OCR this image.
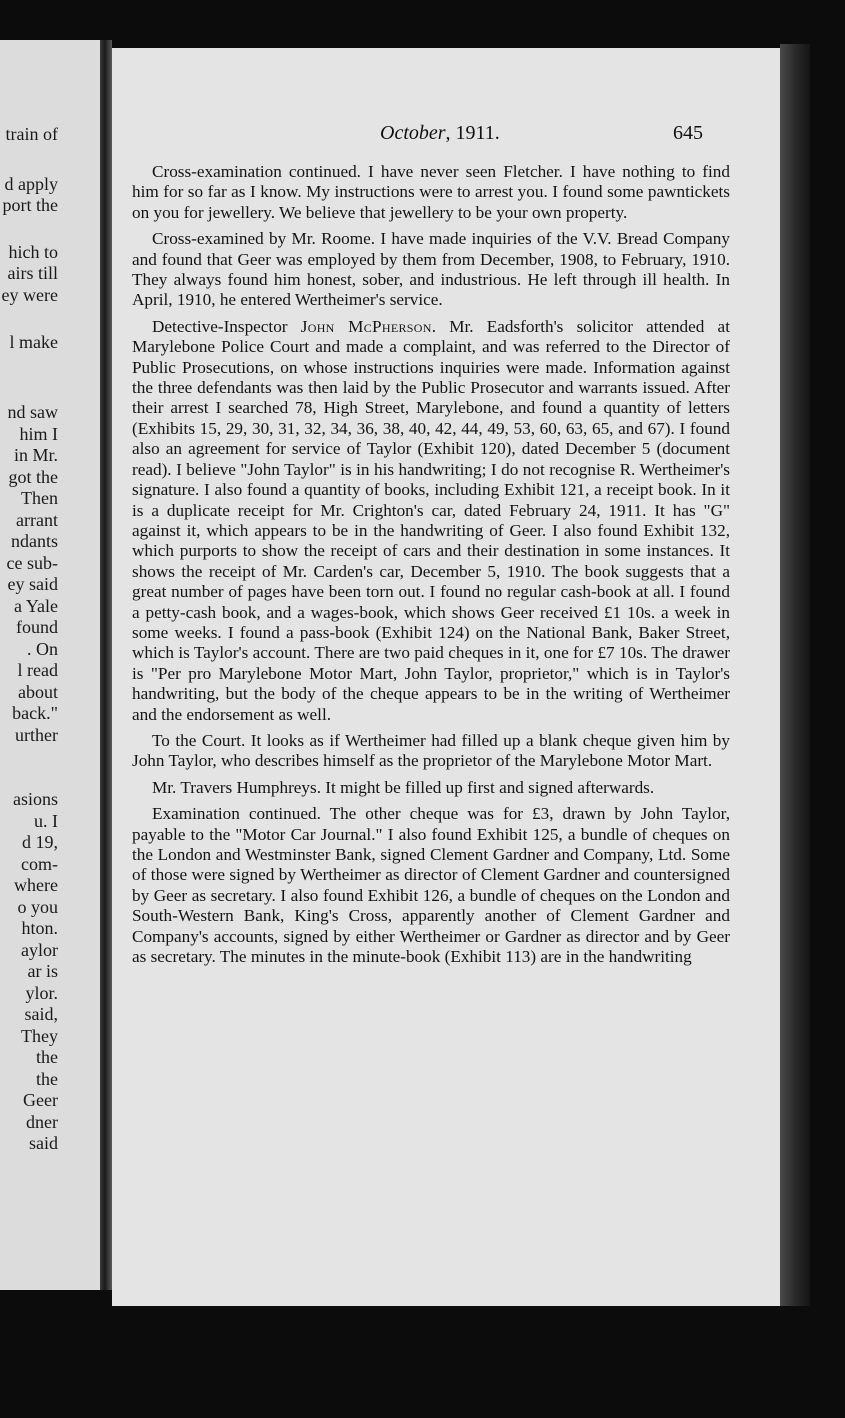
train of
d apply
port the
hich to
airs till
ey were
l make
nd saw
him I
in Mr.
got the
Then
arrant
ndants
ce sub-
ey said
a Yale
found
. On
l read
about
back."
urther
asions
u. I
d 19,
com-
where
o you
hton.
aylor
ar is
ylor.
said,
They
the
the
Geer
dner
said
October, 1911.	645

Cross-examination continued. I have never seen Fletcher. I have nothing to find him for so far as I know. My instructions were to arrest you. I found some pawntickets on you for jewellery. We believe that jewellery to be your own property.

Cross-examined by Mr. Roome. I have made inquiries of the V.V. Bread Company and found that Geer was employed by them from December, 1908, to February, 1910. They always found him honest, sober, and industrious. He left through ill health. In April, 1910, he entered Wertheimer's service.

Detective-Inspector John McPherson. Mr. Eadsforth's solicitor attended at Marylebone Police Court and made a complaint, and was referred to the Director of Public Prosecutions, on whose instructions inquiries were made. Information against the three defendants was then laid by the Public Prosecutor and warrants issued. After their arrest I searched 78, High Street, Marylebone, and found a quantity of letters (Exhibits 15, 29, 30, 31, 32, 34, 36, 38, 40, 42, 44, 49, 53, 60, 63, 65, and 67). I found also an agreement for service of Taylor (Exhibit 120), dated December 5 (document read). I believe "John Taylor" is in his handwriting; I do not recognise R. Wertheimer's signature. I also found a quantity of books, including Exhibit 121, a receipt book. In it is a duplicate receipt for Mr. Crighton's car, dated February 24, 1911. It has "G" against it, which appears to be in the handwriting of Geer. I also found Exhibit 132, which purports to show the receipt of cars and their destination in some instances. It shows the receipt of Mr. Carden's car, December 5, 1910. The book suggests that a great number of pages have been torn out. I found no regular cash-book at all. I found a petty-cash book, and a wages-book, which shows Geer received £1 10s. a week in some weeks. I found a pass-book (Exhibit 124) on the National Bank, Baker Street, which is Taylor's account. There are two paid cheques in it, one for £7 10s. The drawer is "Per pro Marylebone Motor Mart, John Taylor, proprietor," which is in Taylor's handwriting, but the body of the cheque appears to be in the writing of Wertheimer and the endorsement as well.

To the Court. It looks as if Wertheimer had filled up a blank cheque given him by John Taylor, who describes himself as the proprietor of the Marylebone Motor Mart.

Mr. Travers Humphreys. It might be filled up first and signed afterwards.

Examination continued. The other cheque was for £3, drawn by John Taylor, payable to the "Motor Car Journal." I also found Exhibit 125, a bundle of cheques on the London and Westminster Bank, signed Clement Gardner and Company, Ltd. Some of those were signed by Wertheimer as director of Clement Gardner and countersigned by Geer as secretary. I also found Exhibit 126, a bundle of cheques on the London and South-Western Bank, King's Cross, apparently another of Clement Gardner and Company's accounts, signed by either Wertheimer or Gardner as director and by Geer as secretary. The minutes in the minute-book (Exhibit 113) are in the handwriting
